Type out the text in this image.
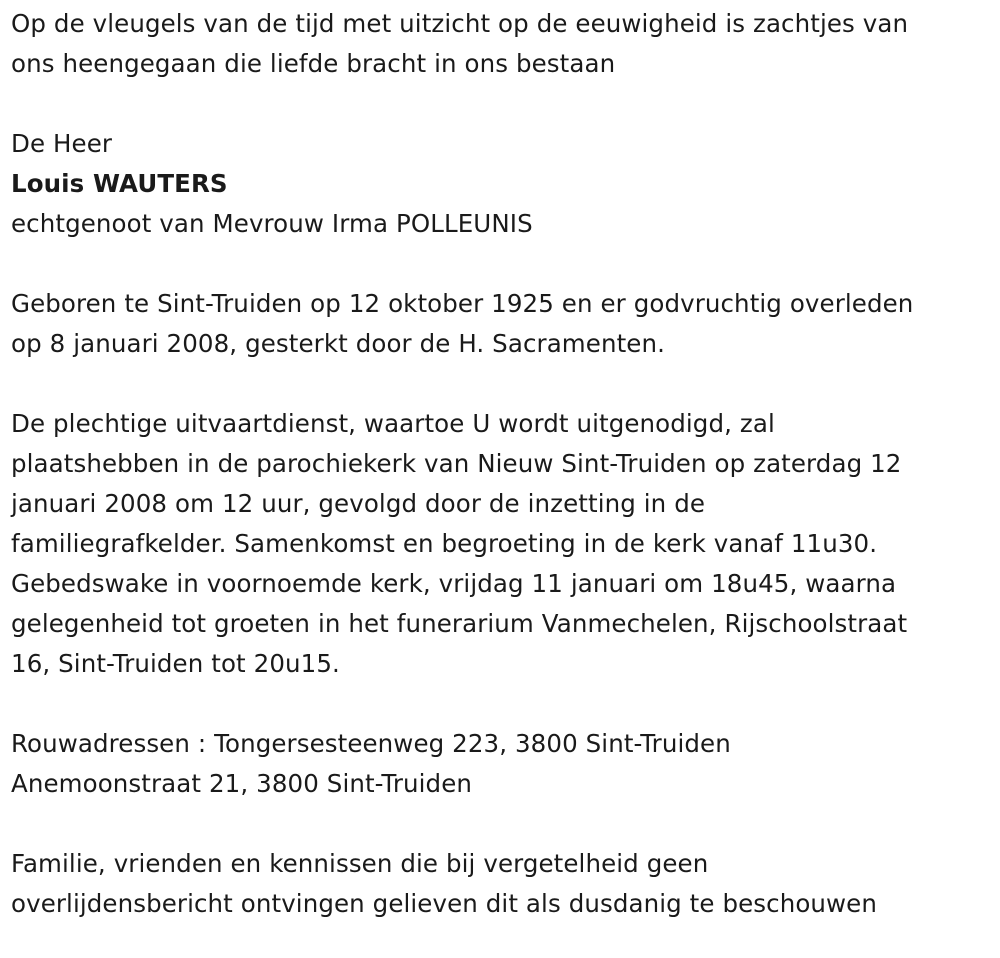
Op de vleugels van de tijd met uitzicht op de eeuwigheid is zachtjes van
ons heengegaan die liefde bracht in ons bestaan
De Heer
Louis WAUTERS
echtgenoot van Mevrouw Irma POLLEUNIS
Geboren te Sint-Truiden op 12 oktober 1925 en er godvruchtig overleden
op 8 januari 2008, gesterkt door de H. Sacramenten.
De plechtige uitvaartdienst, waartoe U wordt uitgenodigd, zal
plaatshebben in de parochiekerk van Nieuw Sint-Truiden op zaterdag 12
januari 2008 om 12 uur, gevolgd door de inzetting in de
familiegrafkelder. Samenkomst en begroeting in de kerk vanaf 11u30.
Gebedswake in voornoemde kerk, vrijdag 11 januari om 18u45, waarna
gelegenheid tot groeten in het funerarium Vanmechelen, Rijschoolstraat
16, Sint-Truiden tot 20u15.
Rouwadressen : Tongersesteenweg 223, 3800 Sint-Truiden
Anemoonstraat 21, 3800 Sint-Truiden
Familie, vrienden en kennissen die bij vergetelheid geen
overlijdensbericht ontvingen gelieven dit als dusdanig te beschouwen
